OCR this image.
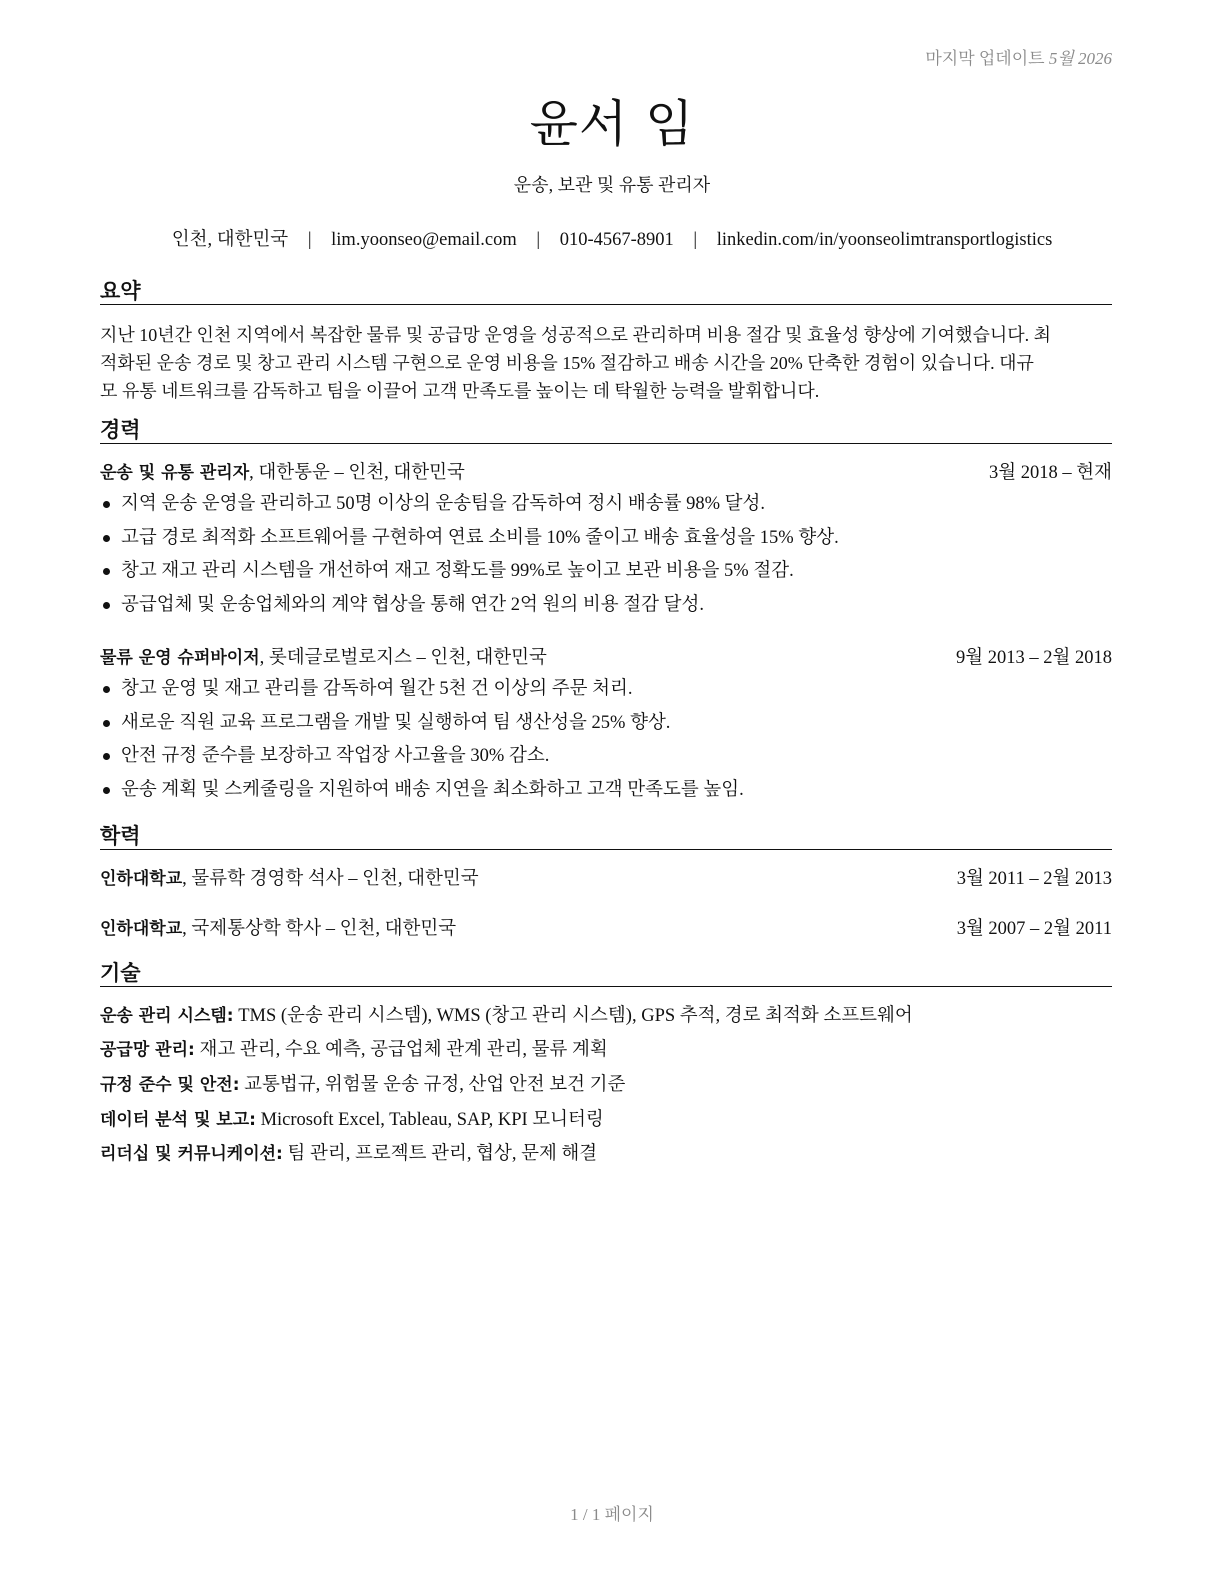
마지막 업데이트 5월 2026
윤서 임
운송, 보관 및 유통 관리자
인천, 대한민국 | lim.yoonseo@email.com | 010-4567-8901 | linkedin.com/in/yoonseolimtransportlogistics
요약
지난 10년간 인천 지역에서 복잡한 물류 및 공급망 운영을 성공적으로 관리하며 비용 절감 및 효율성 향상에 기여했습니다. 최
적화된 운송 경로 및 창고 관리 시스템 구현으로 운영 비용을 15% 절감하고 배송 시간을 20% 단축한 경험이 있습니다. 대규
모 유통 네트워크를 감독하고 팀을 이끌어 고객 만족도를 높이는 데 탁월한 능력을 발휘합니다.
경력
운송 및 유통 관리자, 대한통운 – 인천, 대한민국	3월 2018 – 현재
지역 운송 운영을 관리하고 50명 이상의 운송팀을 감독하여 정시 배송률 98% 달성.
고급 경로 최적화 소프트웨어를 구현하여 연료 소비를 10% 줄이고 배송 효율성을 15% 향상.
창고 재고 관리 시스템을 개선하여 재고 정확도를 99%로 높이고 보관 비용을 5% 절감.
공급업체 및 운송업체와의 계약 협상을 통해 연간 2억 원의 비용 절감 달성.
물류 운영 슈퍼바이저, 롯데글로벌로지스 – 인천, 대한민국	9월 2013 – 2월 2018
창고 운영 및 재고 관리를 감독하여 월간 5천 건 이상의 주문 처리.
새로운 직원 교육 프로그램을 개발 및 실행하여 팀 생산성을 25% 향상.
안전 규정 준수를 보장하고 작업장 사고율을 30% 감소.
운송 계획 및 스케줄링을 지원하여 배송 지연을 최소화하고 고객 만족도를 높임.
학력
인하대학교, 물류학 경영학 석사 – 인천, 대한민국	3월 2011 – 2월 2013
인하대학교, 국제통상학 학사 – 인천, 대한민국	3월 2007 – 2월 2011
기술
운송 관리 시스템: TMS (운송 관리 시스템), WMS (창고 관리 시스템), GPS 추적, 경로 최적화 소프트웨어
공급망 관리: 재고 관리, 수요 예측, 공급업체 관계 관리, 물류 계획
규정 준수 및 안전: 교통법규, 위험물 운송 규정, 산업 안전 보건 기준
데이터 분석 및 보고: Microsoft Excel, Tableau, SAP, KPI 모니터링
리더십 및 커뮤니케이션: 팀 관리, 프로젝트 관리, 협상, 문제 해결
1 / 1 페이지
